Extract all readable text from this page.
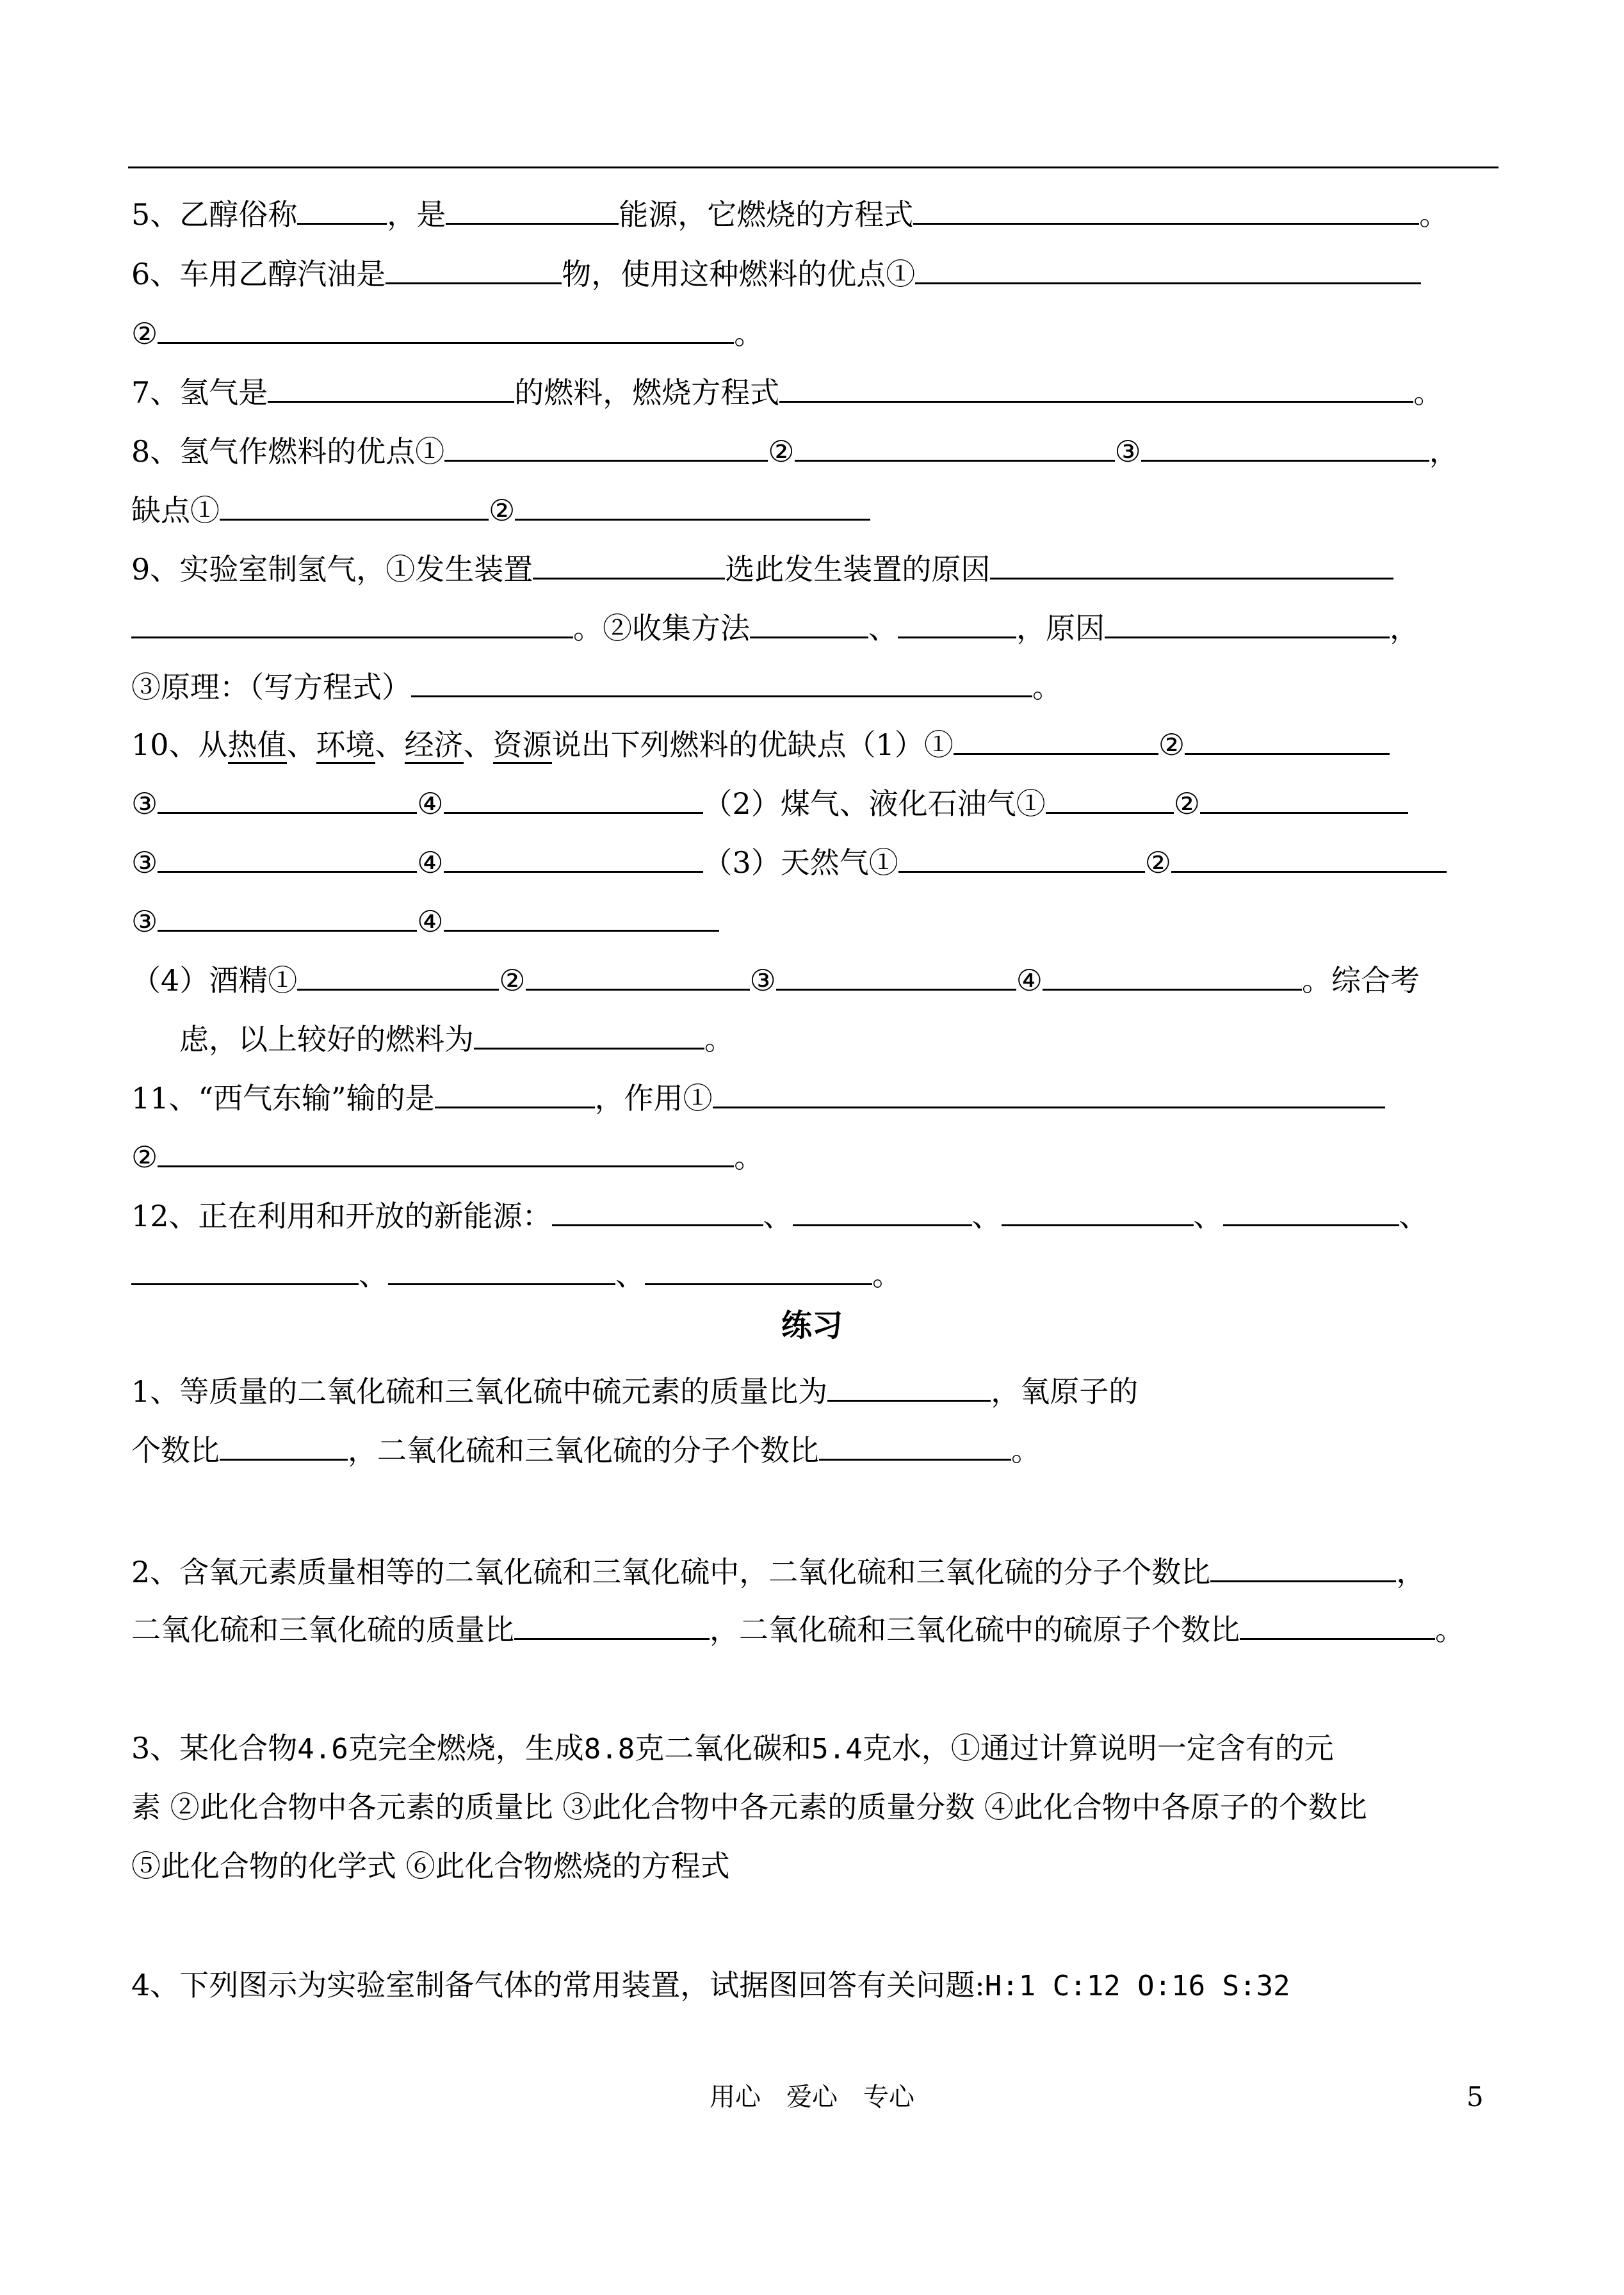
5、乙醇俗称	，是	能源，它燃烧的方程式	。
6、车用乙醇汽油是	物，使用这种燃料的优点①
②	。
7、氢气是	的燃料，燃烧方程式	。
8、氢气作燃料的优点①	②	③	，
缺点①	②
9、实验室制氢气，①发生装置	选此发生装置的原因
。②收集方法	、	，原因	，
③原理：（写方程式）	。
10、从热值、环境、经济、资源说出下列燃料的优缺点（1）①	②
③	④	（2）煤气、液化石油气①	②
③	④	（3）天然气①	②
③	④
（4）酒精①	②	③	④	。综合考
虑，以上较好的燃料为	。
11、“西气东输”输的是	，作用①
②	。
12、正在利用和开放的新能源：	、	、	、	、
、	、	。
练习
1、等质量的二氧化硫和三氧化硫中硫元素的质量比为	，氧原子的
个数比	，二氧化硫和三氧化硫的分子个数比	。
2、含氧元素质量相等的二氧化硫和三氧化硫中，二氧化硫和三氧化硫的分子个数比	，
二氧化硫和三氧化硫的质量比	，二氧化硫和三氧化硫中的硫原子个数比	。
3、某化合物4.6克完全燃烧，生成8.8克二氧化碳和5.4克水，①通过计算说明一定含有的元
素 ②此化合物中各元素的质量比 ③此化合物中各元素的质量分数 ④此化合物中各原子的个数比
⑤此化合物的化学式 ⑥此化合物燃烧的方程式
4、下列图示为实验室制备气体的常用装置，试据图回答有关问题:H:1 C:12 O:16 S:32
用心　爱心　专心	5
